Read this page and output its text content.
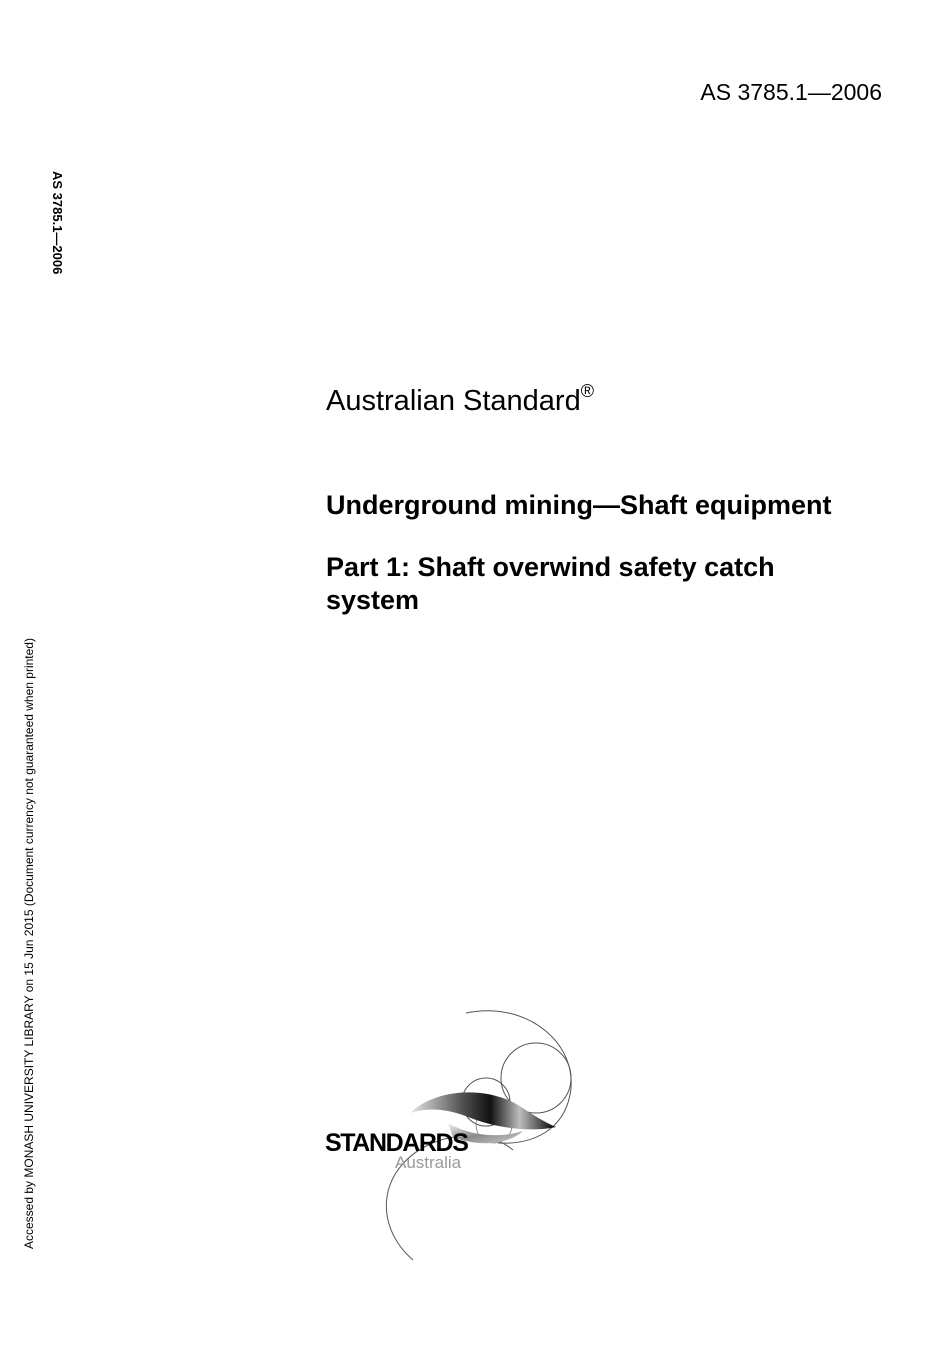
AS 3785.1—2006
AS 3785.1—2006
Accessed by MONASH UNIVERSITY LIBRARY on 15 Jun 2015 (Document currency not guaranteed when printed)
Australian Standard®
Underground mining—Shaft equipment
Part 1: Shaft overwind safety catch
system
STANDARDS
Australia
